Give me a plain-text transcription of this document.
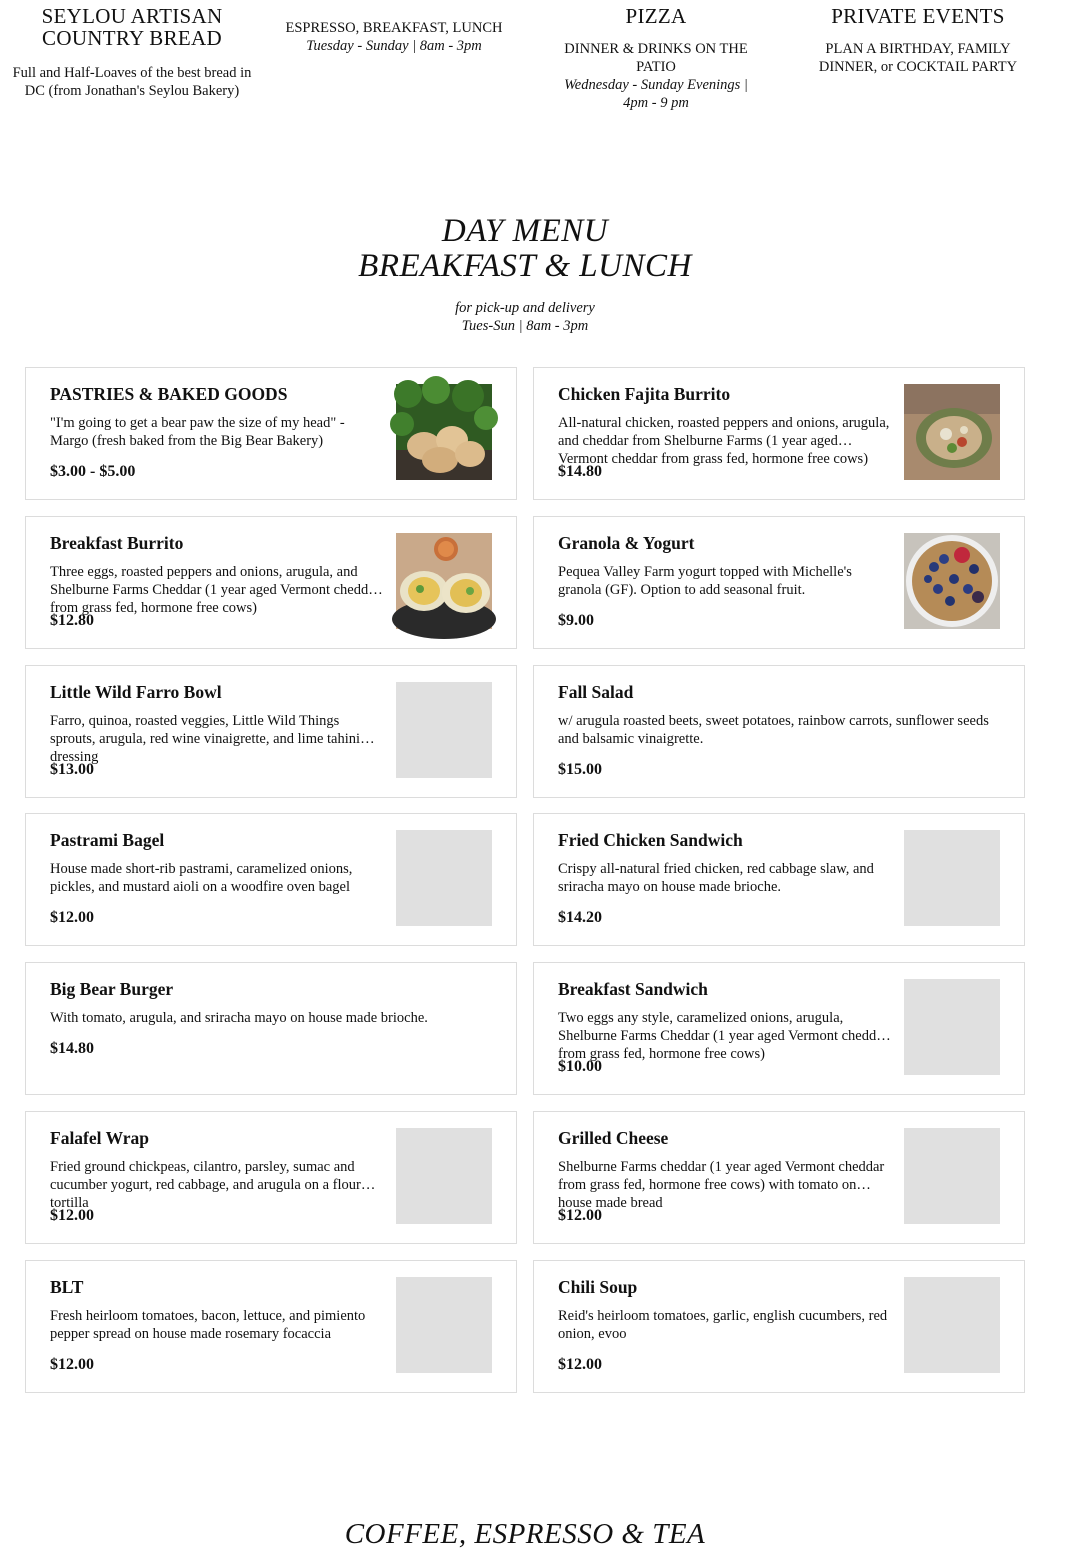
SEYLOU ARTISAN COUNTRY BREAD
Full and Half-Loaves of the best bread in DC (from Jonathan's Seylou Bakery)
ESPRESSO, BREAKFAST, LUNCH
Tuesday - Sunday | 8am - 3pm
PIZZA
DINNER & DRINKS ON THE PATIO
Wednesday - Sunday Evenings | 4pm - 9 pm
PRIVATE EVENTS
PLAN A BIRTHDAY, FAMILY DINNER, or COCKTAIL PARTY
DAY MENU
BREAKFAST & LUNCH
for pick-up and delivery
Tues-Sun | 8am - 3pm
PASTRIES & BAKED GOODS
"I'm going to get a bear paw the size of my head" - Margo (fresh baked from the Big Bear Bakery)
$3.00 - $5.00
Chicken Fajita Burrito
All-natural chicken, roasted peppers and onions, arugula, and cheddar from Shelburne Farms (1 year aged Vermont cheddar from grass fed, hormone free cows)
$14.80
Breakfast Burrito
Three eggs, roasted peppers and onions, arugula, and Shelburne Farms Cheddar (1 year aged Vermont cheddar from grass fed, hormone free cows)
$12.80
Granola & Yogurt
Pequea Valley Farm yogurt topped with Michelle's granola (GF). Option to add seasonal fruit.
$9.00
Little Wild Farro Bowl
Farro, quinoa, roasted veggies, Little Wild Things sprouts, arugula, red wine vinaigrette, and lime tahini dressing
$13.00
Fall Salad
w/ arugula roasted beets, sweet potatoes, rainbow carrots, sunflower seeds and balsamic vinaigrette.
$15.00
Pastrami Bagel
House made short-rib pastrami, caramelized onions, pickles, and mustard aioli on a woodfire oven bagel
$12.00
Fried Chicken Sandwich
Crispy all-natural fried chicken, red cabbage slaw, and sriracha mayo on house made brioche.
$14.20
Big Bear Burger
With tomato, arugula, and sriracha mayo on house made brioche.
$14.80
Breakfast Sandwich
Two eggs any style, caramelized onions, arugula, Shelburne Farms Cheddar (1 year aged Vermont cheddar from grass fed, hormone free cows)
$10.00
Falafel Wrap
Fried ground chickpeas, cilantro, parsley, sumac and cucumber yogurt, red cabbage, and arugula on a flour tortilla
$12.00
Grilled Cheese
Shelburne Farms cheddar (1 year aged Vermont cheddar from grass fed, hormone free cows) with tomato on house made bread
$12.00
BLT
Fresh heirloom tomatoes, bacon, lettuce, and pimiento pepper spread on house made rosemary focaccia
$12.00
Chili Soup
Reid's heirloom tomatoes, garlic, english cucumbers, red onion, evoo
$12.00
COFFEE, ESPRESSO & TEA
